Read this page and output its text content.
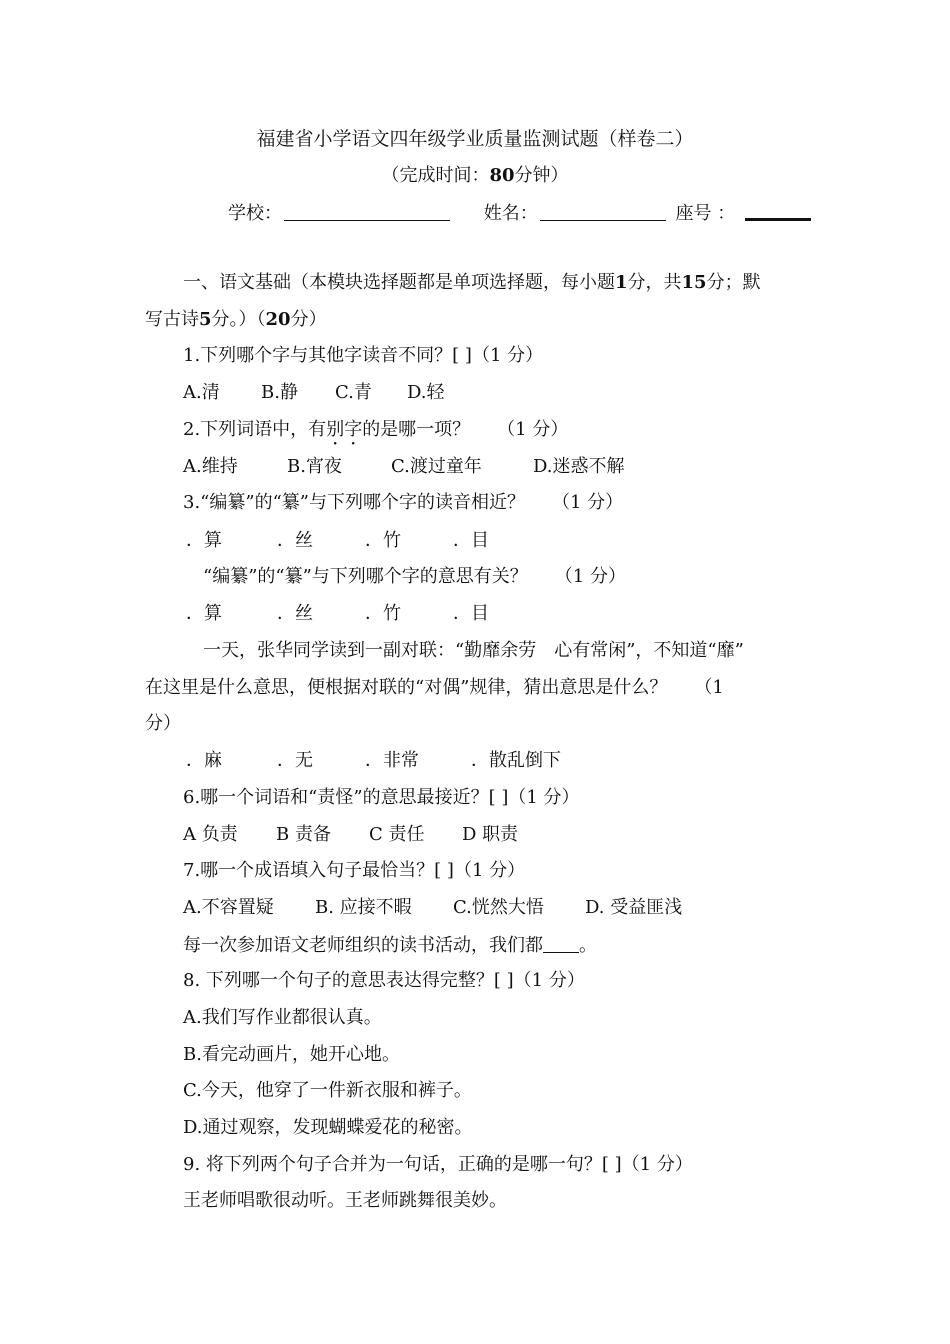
福建省小学语文四年级学业质量监测试题（样卷二）
（完成时间：80分钟）
学校：	姓名：	座号 ：
一、语文基础（本模块选择题都是单项选择题，每小题1分，共15分；默
写古诗5分。）（20分）
1.下列哪个字与其他字读音不同？[ ]（1 分）
A.清 B.静 C.青 D.轻
2.下列词语中，有别字的是哪一项？　　（1 分）
A.维持	B.宵夜	C.渡过童年	D.迷惑不解
3.“编纂”的“纂”与下列哪个字的读音相近？　　（1 分）
．算	．丝	．竹	．目
“编纂”的“纂”与下列哪个字的意思有关？　　（1 分）
．算	．丝	．竹	．目
一天，张华同学读到一副对联：“勤靡余劳　心有常闲”，不知道“靡”
在这里是什么意思，便根据对联的“对偶”规律，猜出意思是什么？　　（1
分）
．麻	．无	．非常	．散乱倒下
6.哪一个词语和“责怪”的意思最接近？[ ]（1 分）
A 负责 B 责备 C 责任 D 职责
7.哪一个成语填入句子最恰当？[ ]（1 分）
A.不容置疑 B. 应接不暇 C.恍然大悟 D. 受益匪浅
每一次参加语文老师组织的读书活动，我们都 。
8. 下列哪一个句子的意思表达得完整？[ ]（1 分）
A.我们写作业都很认真。
B.看完动画片，她开心地。
C.今天，他穿了一件新衣服和裤子。
D.通过观察，发现蝴蝶爱花的秘密。
9. 将下列两个句子合并为一句话，正确的是哪一句？[ ]（1 分）
王老师唱歌很动听。王老师跳舞很美妙。
